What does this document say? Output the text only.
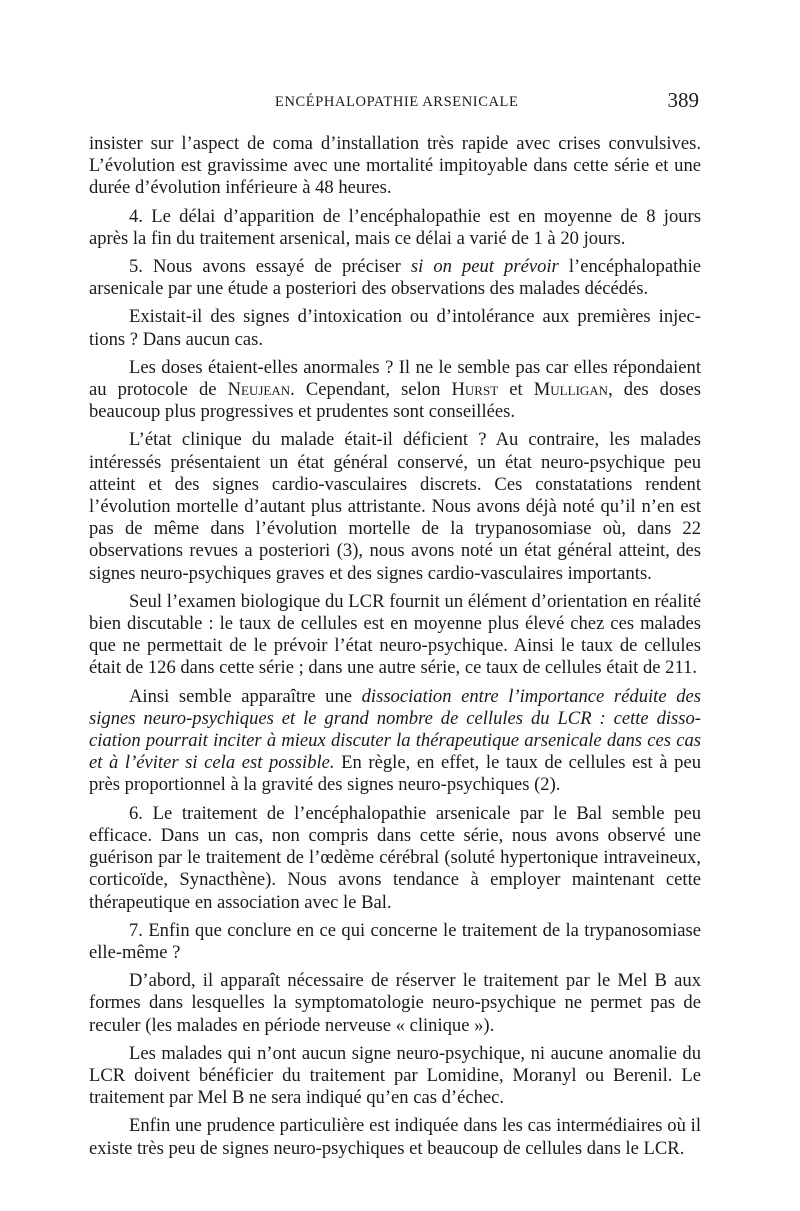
ENCÉPHALOPATHIE ARSENICALE	389

insister sur l’aspect de coma d’installation très rapide avec crises convulsives. L’évolution est gravissime avec une mortalité impitoyable dans cette série et une durée d’évolution inférieure à 48 heures.

4. Le délai d’apparition de l’encéphalopathie est en moyenne de 8 jours après la fin du traitement arsenical, mais ce délai a varié de 1 à 20 jours.

5. Nous avons essayé de préciser si on peut prévoir l’encéphalopathie arsenicale par une étude a posteriori des observations des malades décédés.

Existait-il des signes d’intoxication ou d’intolérance aux premières injections ? Dans aucun cas.

Les doses étaient-elles anormales ? Il ne le semble pas car elles répondaient au protocole de Neujean. Cependant, selon Hurst et Mulligan, des doses beaucoup plus progressives et prudentes sont conseillées.

L’état clinique du malade était-il déficient ? Au contraire, les malades intéressés présentaient un état général conservé, un état neuro-psychique peu atteint et des signes cardio-vasculaires discrets. Ces constatations rendent l’évolution mortelle d’autant plus attristante. Nous avons déjà noté qu’il n’en est pas de même dans l’évolution mortelle de la trypanosomiase où, dans 22 observations revues a posteriori (3), nous avons noté un état général atteint, des signes neuro-psychiques graves et des signes cardio-vasculaires importants.

Seul l’examen biologique du LCR fournit un élément d’orientation en réalité bien discutable : le taux de cellules est en moyenne plus élevé chez ces malades que ne permettait de le prévoir l’état neuro-psychique. Ainsi le taux de cellules était de 126 dans cette série ; dans une autre série, ce taux de cellules était de 211.

Ainsi semble apparaître une dissociation entre l’importance réduite des signes neuro-psychiques et le grand nombre de cellules du LCR : cette dissociation pourrait inciter à mieux discuter la thérapeutique arsenicale dans ces cas et à l’éviter si cela est possible. En règle, en effet, le taux de cellules est à peu près proportionnel à la gravité des signes neuro-psychiques (2).

6. Le traitement de l’encéphalopathie arsenicale par le Bal semble peu efficace. Dans un cas, non compris dans cette série, nous avons observé une guérison par le traitement de l’œdème cérébral (soluté hypertonique intraveineux, corticoïde, Synacthène). Nous avons tendance à employer maintenant cette thérapeutique en association avec le Bal.

7. Enfin que conclure en ce qui concerne le traitement de la trypanosomiase elle-même ?

D’abord, il apparaît nécessaire de réserver le traitement par le Mel B aux formes dans lesquelles la symptomatologie neuro-psychique ne permet pas de reculer (les malades en période nerveuse « clinique »).

Les malades qui n’ont aucun signe neuro-psychique, ni aucune anomalie du LCR doivent bénéficier du traitement par Lomidine, Moranyl ou Berenil. Le traitement par Mel B ne sera indiqué qu’en cas d’échec.

Enfin une prudence particulière est indiquée dans les cas intermédiaires où il existe très peu de signes neuro-psychiques et beaucoup de cellules dans le LCR.
